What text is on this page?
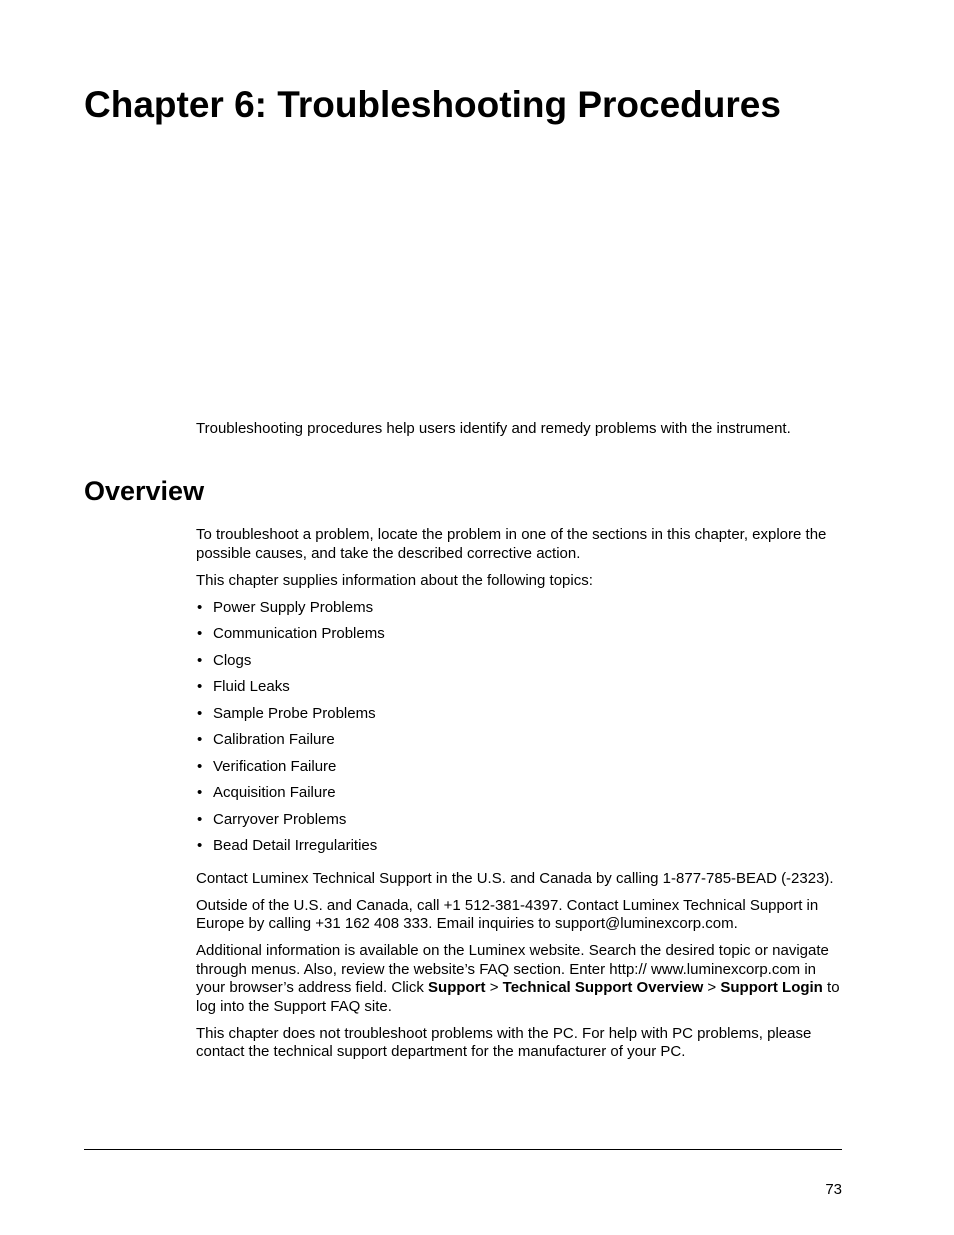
Chapter 6: Troubleshooting Procedures

Troubleshooting procedures help users identify and remedy problems with the instrument.

Overview

To troubleshoot a problem, locate the problem in one of the sections in this chapter, explore the possible causes, and take the described corrective action.

This chapter supplies information about the following topics:

• Power Supply Problems
• Communication Problems
• Clogs
• Fluid Leaks
• Sample Probe Problems
• Calibration Failure
• Verification Failure
• Acquisition Failure
• Carryover Problems
• Bead Detail Irregularities

Contact Luminex Technical Support in the U.S. and Canada by calling 1-877-785-BEAD (-2323).

Outside of the U.S. and Canada, call +1 512-381-4397. Contact Luminex Technical Support in Europe by calling +31 162 408 333. Email inquiries to support@luminexcorp.com.

Additional information is available on the Luminex website. Search the desired topic or navigate through menus. Also, review the website’s FAQ section. Enter http:// www.luminexcorp.com in your browser’s address field. Click Support > Technical Support Overview > Support Login to log into the Support FAQ site.

This chapter does not troubleshoot problems with the PC. For help with PC problems, please contact the technical support department for the manufacturer of your PC.

73
